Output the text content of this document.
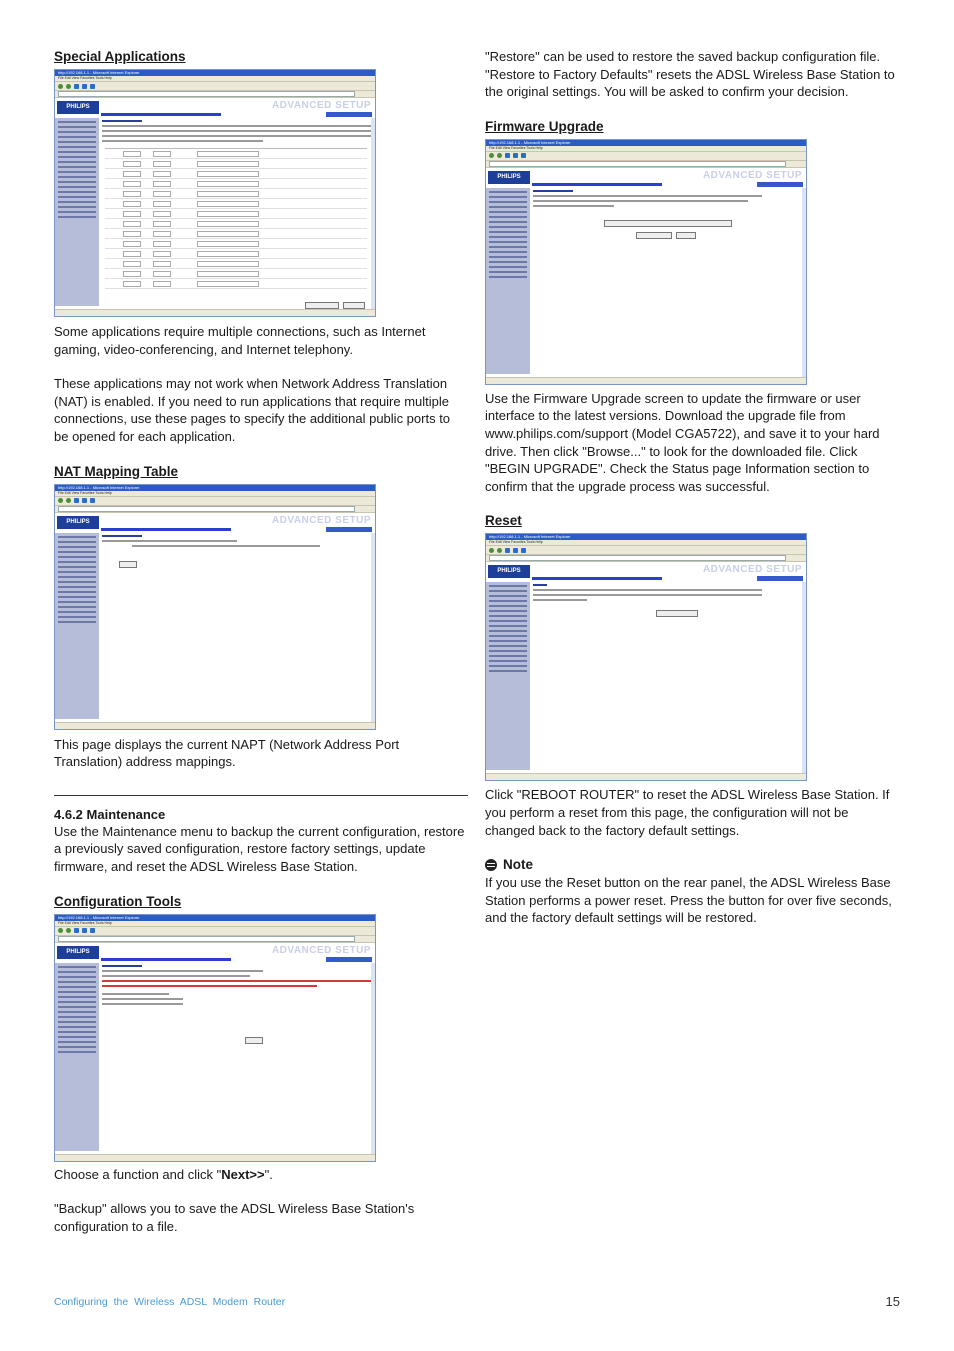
Special Applications

http://192.168.1.1 - Microsoft Internet Explorer
File Edit View Favorites Tools Help
PHILIPS	ADVANCED SETUP

Some applications require multiple connections, such as Internet gaming, video-conferencing, and Internet telephony.

These applications may not work when Network Address Translation (NAT) is enabled. If you need to run applications that require multiple connections, use these pages to specify the additional public ports to be opened for each application.

NAT Mapping Table

http://192.168.1.1 - Microsoft Internet Explorer
File Edit View Favorites Tools Help
PHILIPS	ADVANCED SETUP

This page displays the current NAPT (Network Address Port Translation) address mappings.

4.6.2 Maintenance

Use the Maintenance menu to backup the current configuration, restore a previously saved configuration, restore factory settings, update firmware, and reset the ADSL Wireless Base Station.

Configuration Tools

http://192.168.1.1 - Microsoft Internet Explorer
File Edit View Favorites Tools Help
PHILIPS	ADVANCED SETUP

Choose a function and click "Next>>".

"Backup" allows you to save the ADSL Wireless Base Station's configuration to a file.

"Restore" can be used to restore the saved backup configuration file. "Restore to Factory Defaults" resets the ADSL Wireless Base Station to the original settings. You will be asked to confirm your decision.

Firmware Upgrade

http://192.168.1.1 - Microsoft Internet Explorer
File Edit View Favorites Tools Help
PHILIPS	ADVANCED SETUP

Use the Firmware Upgrade screen to update the firmware or user interface to the latest versions. Download the upgrade file from www.philips.com/support (Model CGA5722), and save it to your hard drive. Then click "Browse..." to look for the downloaded file. Click "BEGIN UPGRADE". Check the Status page Information section to confirm that the upgrade process was successful.

Reset

http://192.168.1.1 - Microsoft Internet Explorer
File Edit View Favorites Tools Help
PHILIPS	ADVANCED SETUP

Click "REBOOT ROUTER" to reset the ADSL Wireless Base Station. If you perform a reset from this page, the configuration will not be changed back to the factory default settings.

Note

If you use the Reset button on the rear panel, the ADSL Wireless Base Station performs a power reset. Press the button for over five seconds, and the factory default settings will be restored.

Configuring the Wireless ADSL Modem Router	15
